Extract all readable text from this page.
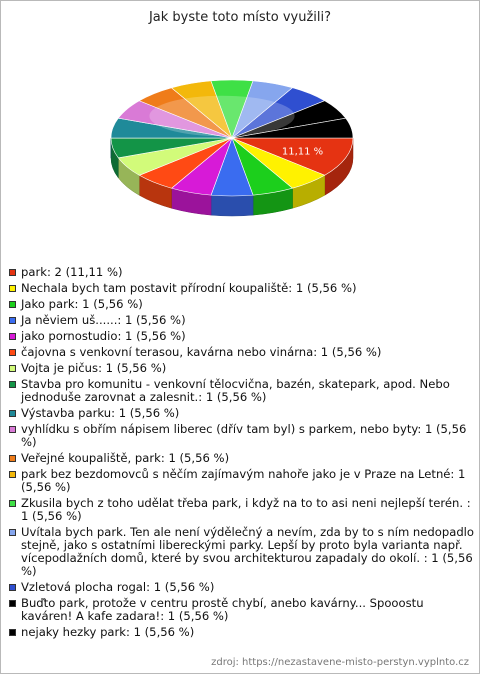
Jak byste toto místo využili?
11,11 %
park: 2 (11,11 %)
Nechala bych tam postavit přírodní koupaliště: 1 (5,56 %)
Jako park: 1 (5,56 %)
Ja něviem uš......: 1 (5,56 %)
jako pornostudio: 1 (5,56 %)
čajovna s venkovní terasou, kavárna nebo vinárna: 1 (5,56 %)
Vojta je pičus: 1 (5,56 %)
Stavba pro komunitu - venkovní tělocvična, bazén, skatepark, apod. Nebo jednoduše zarovnat a zalesnit.: 1 (5,56 %)
Výstavba parku: 1 (5,56 %)
vyhlídku s obřím nápisem liberec (dřív tam byl) s parkem, nebo byty: 1 (5,56 %)
Veřejné koupaliště, park: 1 (5,56 %)
park bez bezdomovců s něčím zajímavým nahoře jako je v Praze na Letné: 1 (5,56 %)
Zkusila bych z toho udělat třeba park, i když na to to asi neni nejlepší terén. : 1 (5,56 %)
Uvítala bych park. Ten ale není výdělečný a nevím, zda by to s ním nedopadlo stejně, jako s ostatními libereckými parky. Lepší by proto byla varianta např. vícepodlažních domů, které by svou architekturou zapadaly do okolí. : 1 (5,56 %)
Vzletová plocha rogal: 1 (5,56 %)
Buďto park, protože v centru prostě chybí, anebo kavárny... Spooostu kaváren! A kafe zadara!: 1 (5,56 %)
nejaky hezky park: 1 (5,56 %)
zdroj: https://nezastavene-misto-perstyn.vyplnto.cz
